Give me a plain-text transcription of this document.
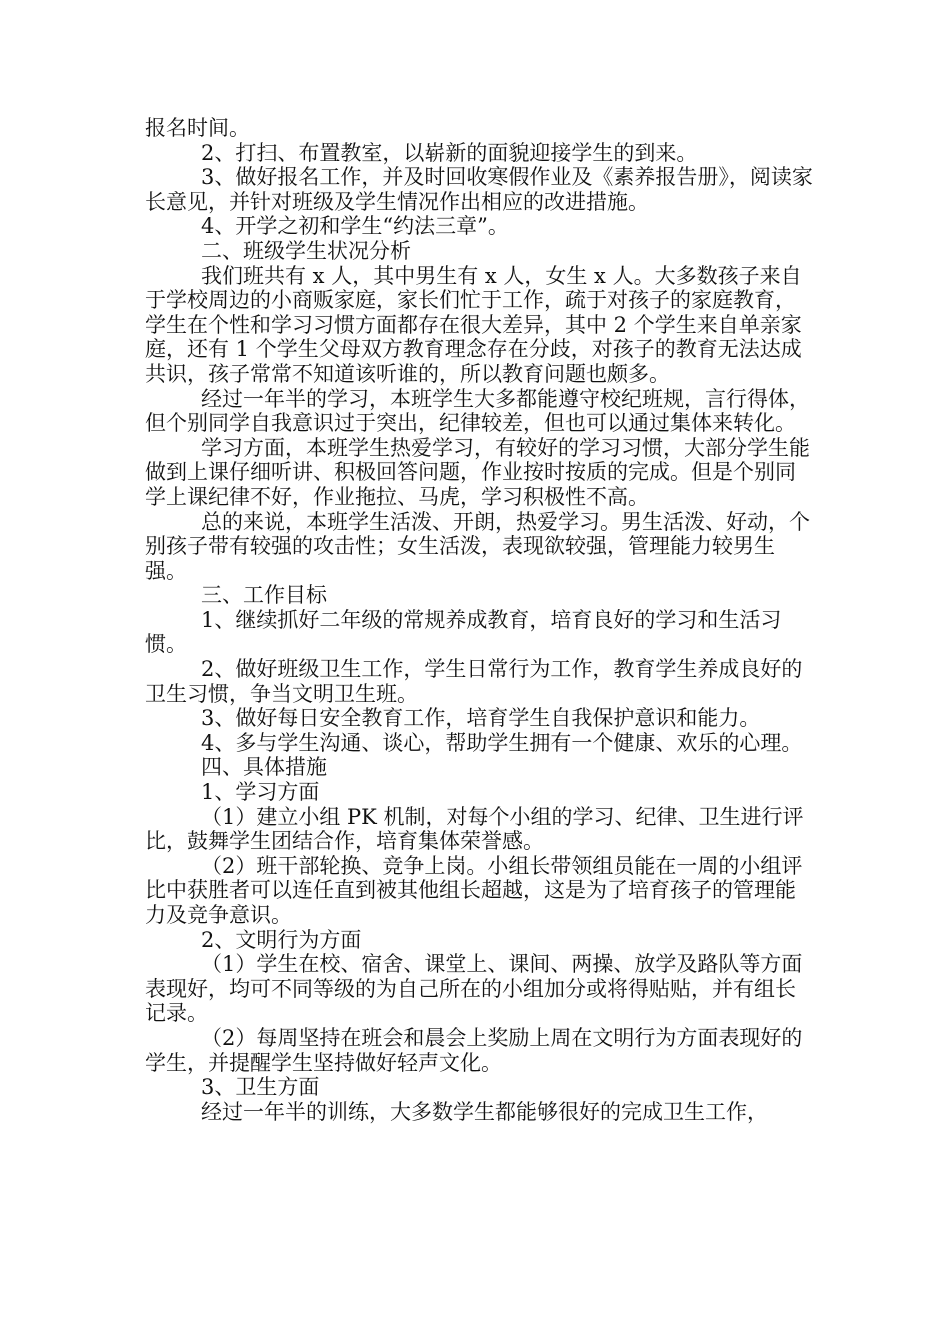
报名时间。

2、打扫、布置教室，以崭新的面貌迎接学生的到来。

3、做好报名工作，并及时回收寒假作业及《素养报告册》，阅读家长意见，并针对班级及学生情况作出相应的改进措施。

4、开学之初和学生“约法三章”。

二、班级学生状况分析

我们班共有 x 人，其中男生有 x 人，女生 x 人。大多数孩子来自于学校周边的小商贩家庭，家长们忙于工作，疏于对孩子的家庭教育，学生在个性和学习习惯方面都存在很大差异，其中 2 个学生来自单亲家庭，还有 1 个学生父母双方教育理念存在分歧，对孩子的教育无法达成共识，孩子常常不知道该听谁的，所以教育问题也颇多。

经过一年半的学习，本班学生大多都能遵守校纪班规，言行得体，但个别同学自我意识过于突出，纪律较差，但也可以通过集体来转化。

学习方面，本班学生热爱学习，有较好的学习习惯，大部分学生能做到上课仔细听讲、积极回答问题，作业按时按质的完成。但是个别同学上课纪律不好，作业拖拉、马虎，学习积极性不高。

总的来说，本班学生活泼、开朗，热爱学习。男生活泼、好动，个别孩子带有较强的攻击性；女生活泼，表现欲较强，管理能力较男生强。

三、工作目标

1、继续抓好二年级的常规养成教育，培育良好的学习和生活习惯。

2、做好班级卫生工作，学生日常行为工作，教育学生养成良好的卫生习惯，争当文明卫生班。

3、做好每日安全教育工作，培育学生自我保护意识和能力。

4、多与学生沟通、谈心，帮助学生拥有一个健康、欢乐的心理。

四、具体措施

1、学习方面

（1）建立小组 PK 机制，对每个小组的学习、纪律、卫生进行评比，鼓舞学生团结合作，培育集体荣誉感。

（2）班干部轮换、竞争上岗。小组长带领组员能在一周的小组评比中获胜者可以连任直到被其他组长超越，这是为了培育孩子的管理能力及竞争意识。

2、文明行为方面

（1）学生在校、宿舍、课堂上、课间、两操、放学及路队等方面表现好，均可不同等级的为自己所在的小组加分或将得贴贴，并有组长记录。

（2）每周坚持在班会和晨会上奖励上周在文明行为方面表现好的学生，并提醒学生坚持做好轻声文化。

3、卫生方面

经过一年半的训练，大多数学生都能够很好的完成卫生工作，
